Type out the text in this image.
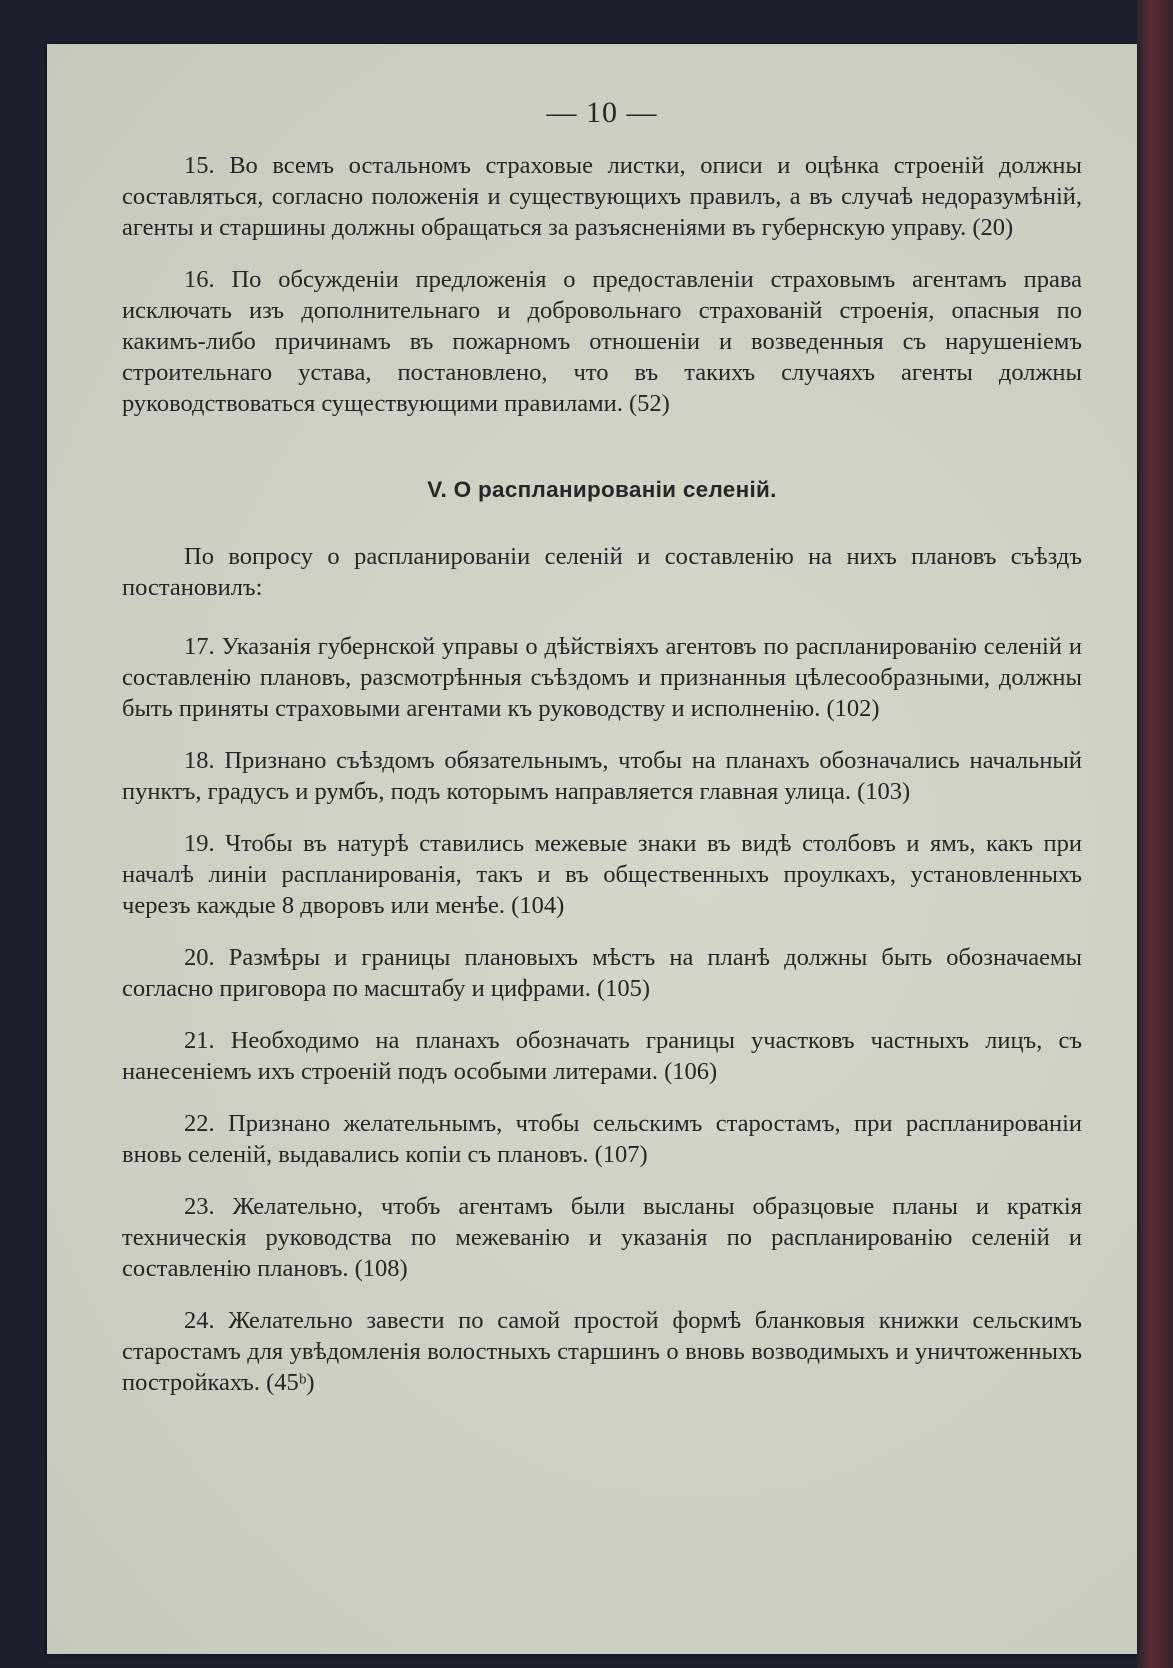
— 10 —

15. Во всемъ остальномъ страховые листки, описи и оцѣнка строеній должны составляться, согласно положенія и существующихъ правилъ, а въ случаѣ недоразумѣній, агенты и старшины должны обращаться за разъясненіями въ губернскую управу. (20)

16. По обсужденіи предложенія о предоставленіи страховымъ агентамъ права исключать изъ дополнительнаго и добровольнаго страхованій строенія, опасныя по какимъ-либо причинамъ въ пожарномъ отношеніи и возведенныя съ нарушеніемъ строительнаго устава, постановлено, что въ такихъ случаяхъ агенты должны руководствоваться существующими правилами. (52)

V. О распланированіи селеній.

По вопросу о распланированіи селеній и составленію на нихъ плановъ съѣздъ постановилъ:

17. Указанія губернской управы о дѣйствіяхъ агентовъ по распланированію селеній и составленію плановъ, разсмотрѣнныя съѣздомъ и признанныя цѣлесообразными, должны быть приняты страховыми агентами къ руководству и исполненію. (102)

18. Признано съѣздомъ обязательнымъ, чтобы на планахъ обозначались начальный пунктъ, градусъ и румбъ, подъ которымъ направляется главная улица. (103)

19. Чтобы въ натурѣ ставились межевые знаки въ видѣ столбовъ и ямъ, какъ при началѣ линіи распланированія, такъ и въ общественныхъ проулкахъ, установленныхъ черезъ каждые 8 дворовъ или менѣе. (104)

20. Размѣры и границы плановыхъ мѣстъ на планѣ должны быть обозначаемы согласно приговора по масштабу и цифрами. (105)

21. Необходимо на планахъ обозначать границы участковъ частныхъ лицъ, съ нанесеніемъ ихъ строеній подъ особыми литерами. (106)

22. Признано желательнымъ, чтобы сельскимъ старостамъ, при распланированіи вновь селеній, выдавались копіи съ плановъ. (107)

23. Желательно, чтобъ агентамъ были высланы образцовые планы и краткія техническія руководства по межеванію и указанія по распланированію селеній и составленію плановъ. (108)

24. Желательно завести по самой простой формѣ бланковыя книжки сельскимъ старостамъ для увѣдомленія волостныхъ старшинъ о вновь возводимыхъ и уничтоженныхъ постройкахъ. (45ᵇ)
